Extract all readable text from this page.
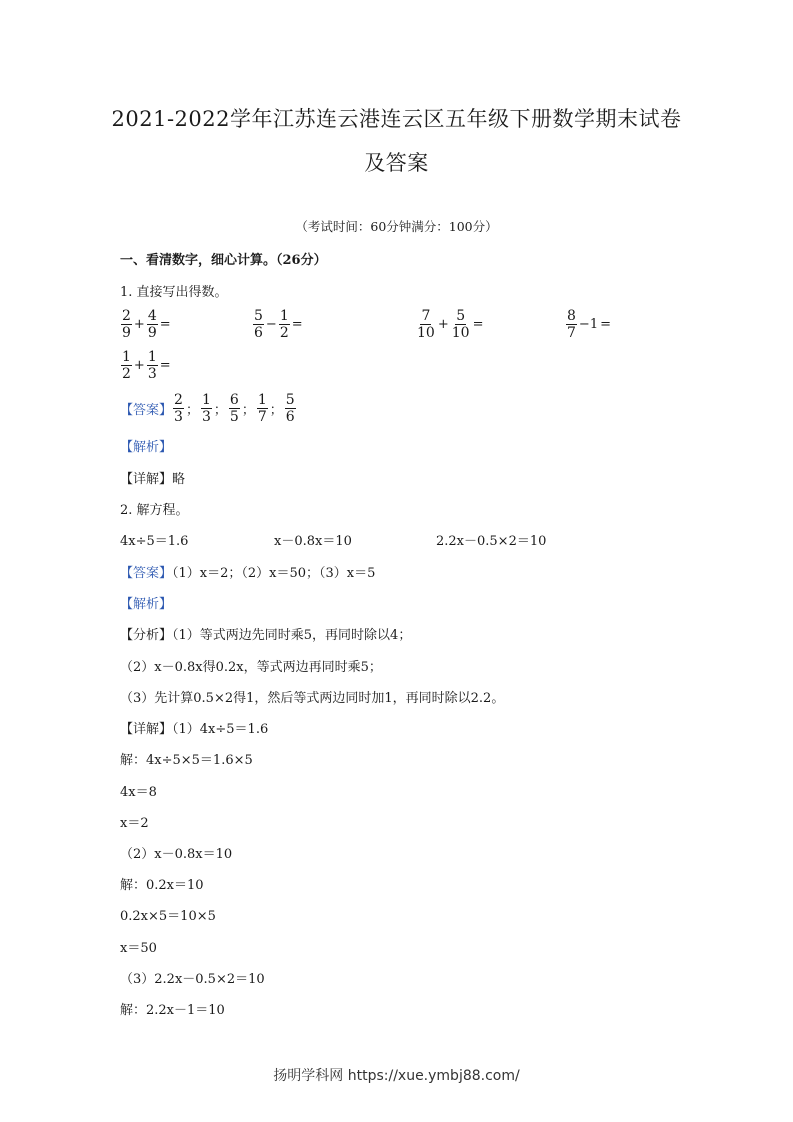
2021-2022学年江苏连云港连云区五年级下册数学期末试卷
及答案
（考试时间：60分钟满分：100分）
一、看清数字，细心计算。（26分）
1. 直接写出得数。
$\frac{2}{9} + \frac{4}{9}$ =	$\frac{5}{6} - \frac{1}{2}$ =	$\frac{7}{10} + \frac{5}{10}$ =	$\frac{8}{7} -1$ =
$\frac{1}{2} + \frac{1}{3}$ =
【答案】 $\frac{2}{3}$ ； $\frac{1}{3}$ ； $\frac{6}{5}$ ； $\frac{1}{7}$ ； $\frac{5}{6}$
【解析】
【详解】略
2. 解方程。
4x÷5＝1.6	x－0.8x＝10	2.2x－0.5×2＝10
【答案】（1）x＝2；（2）x＝50；（3）x＝5
【解析】
【分析】（1）等式两边先同时乘5，再同时除以4；
（2）x－0.8x得0.2x，等式两边再同时乘5；
（3）先计算0.5×2得1，然后等式两边同时加1，再同时除以2.2。
【详解】（1）4x÷5＝1.6
解：4x÷5×5＝1.6×5
4x＝8
x＝2
（2）x－0.8x＝10
解：0.2x＝10
0.2x×5＝10×5
x＝50
（3）2.2x－0.5×2＝10
解：2.2x－1＝10
扬明学科网 https://xue.ymbj88.com/
